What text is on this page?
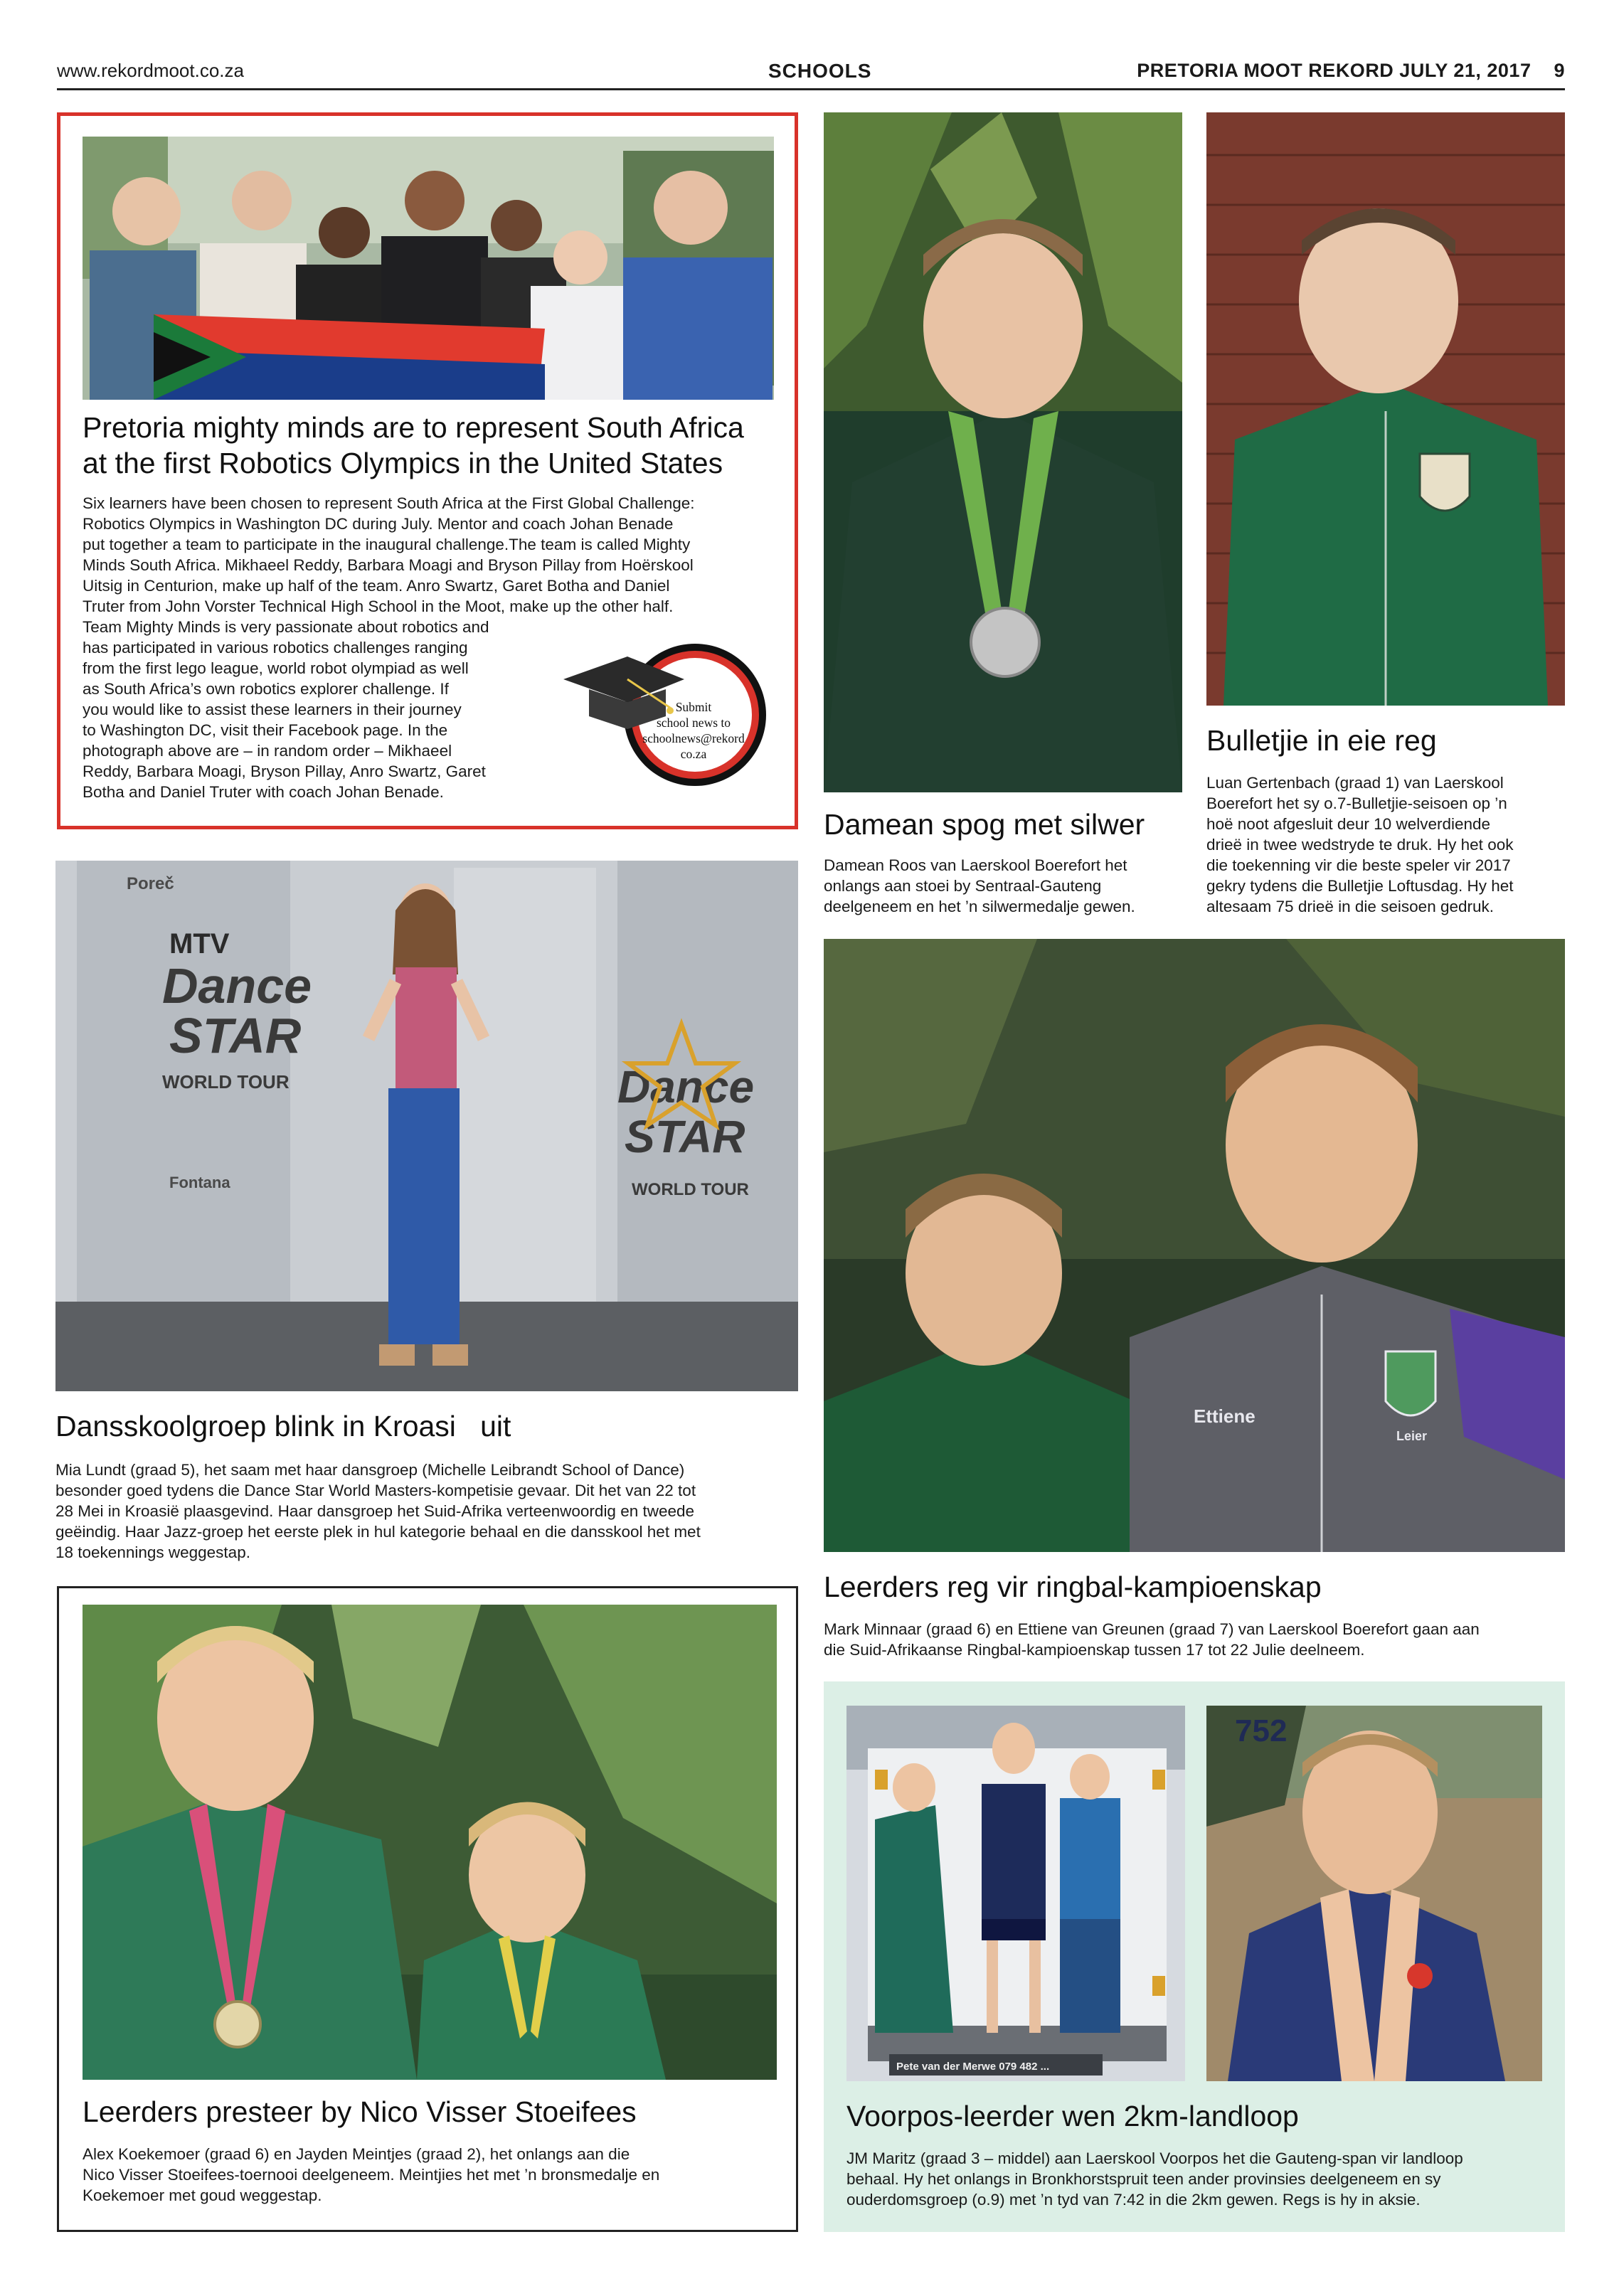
www.rekordmoot.co.za	SCHOOLS	PRETORIA MOOT REKORD JULY 21, 2017 9
Pretoria mighty minds are to represent South Africa
at the first Robotics Olympics in the United States

Six learners have been chosen to represent South Africa at the First Global Challenge:

Robotics Olympics in Washington DC during July. Mentor and coach Johan Benade

put together a team to participate in the inaugural challenge.The team is called Mighty

Minds South Africa. Mikhaeel Reddy, Barbara Moagi and Bryson Pillay from Hoërskool

Uitsig in Centurion, make up half of the team. Anro Swartz, Garet Botha and Daniel

Truter from John Vorster Technical High School in the Moot, make up the other half.

Team Mighty Minds is very passionate about robotics and

has participated in various robotics challenges ranging

from the first lego league, world robot olympiad as well

as South Africa’s own robotics explorer challenge. If

you would like to assist these learners in their journey

to Washington DC, visit their Facebook page. In the

photograph above are – in random order – Mikhaeel

Reddy, Barbara Moagi, Bryson Pillay, Anro Swartz, Garet

Botha and Daniel Truter with coach Johan Benade.

Submit
school news to
schoolnews@rekord
co.za
Damean spog met silwer

Damean Roos van Laerskool Boerefort het

onlangs aan stoei by Sentraal-Gauteng

deelgeneem en het ’n silwermedalje gewen.

Bulletjie in eie reg

Luan Gertenbach (graad 1) van Laerskool

Boerefort het sy o.7-Bulletjie-seisoen op ’n

hoë noot afgesluit deur 10 welverdiende

drieë in twee wedstryde te druk. Hy het ook

die toekenning vir die beste speler vir 2017

gekry tydens die Bulletjie Loftusdag. Hy het

altesaam 75 drieë in die seisoen gedruk.

Dance
STAR
WORLD TOUR
MTV
Poreč
Fontana
Dance
STAR
WORLD TOUR
Dansskoolgroep blink in Kroasi   uit

Mia Lundt (graad 5), het saam met haar dansgroep (Michelle Leibrandt School of Dance)

besonder goed tydens die Dance Star World Masters-kompetisie gevaar. Dit het van 22 tot

28 Mei in Kroasië plaasgevind. Haar dansgroep het Suid-Afrika verteenwoordig en tweede

geëindig. Haar Jazz-groep het eerste plek in hul kategorie behaal en die dansskool het met

18 toekennings weggestap.

Ettiene
Leier
Leerders reg vir ringbal-kampioenskap

Mark Minnaar (graad 6) en Ettiene van Greunen (graad 7) van Laerskool Boerefort gaan aan

die Suid-Afrikaanse Ringbal-kampioenskap tussen 17 tot 22 Julie deelneem.

Leerders presteer by Nico Visser Stoeifees

Alex Koekemoer (graad 6) en Jayden Meintjes (graad 2), het onlangs aan die

Nico Visser Stoeifees-toernooi deelgeneem. Meintjies het met ’n bronsmedalje en

Koekemoer met goud weggestap.

Pete van der Merwe 079 482 ...
752
Voorpos-leerder wen 2km-landloop

JM Maritz (graad 3 – middel) aan Laerskool Voorpos het die Gauteng-span vir landloop

behaal. Hy het onlangs in Bronkhorstspruit teen ander provinsies deelgeneem en sy

ouderdomsgroep (o.9) met ’n tyd van 7:42 in die 2km gewen. Regs is hy in aksie.
